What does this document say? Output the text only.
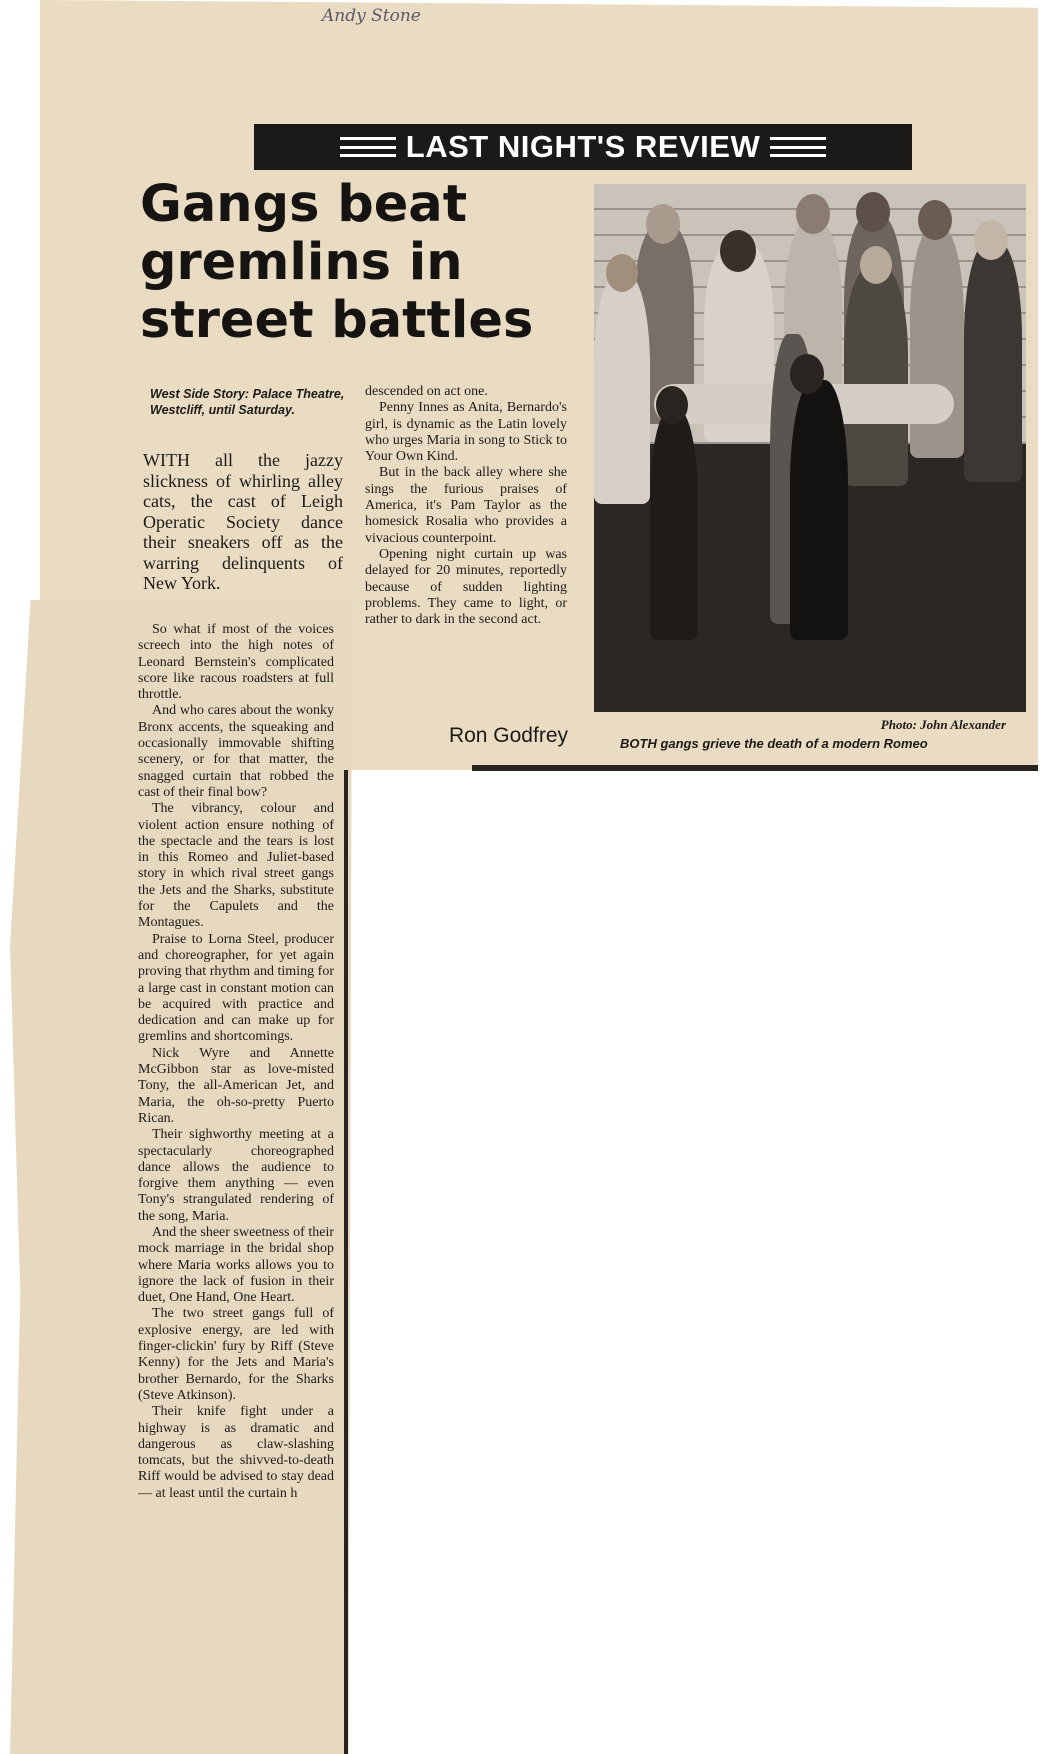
Andy Stone
LAST NIGHT'S REVIEW
Gangs beat gremlins in street battles
West Side Story: Palace Theatre, Westcliff, until Saturday.

WITH all the jazzy slickness of whirling alley cats, the cast of Leigh Operatic Society dance their sneakers off as the warring delinquents of New York.

So what if most of the voices screech into the high notes of Leonard Bernstein's complicated score like racous roadsters at full throttle.

And who cares about the wonky Bronx accents, the squeaking and occasionally immovable shifting scenery, or for that matter, the snagged curtain that robbed the cast of their final bow?

The vibrancy, colour and violent action ensure nothing of the spectacle and the tears is lost in this Romeo and Juliet-based story in which rival street gangs the Jets and the Sharks, substitute for the Capulets and the Montagues.

Praise to Lorna Steel, producer and choreographer, for yet again proving that rhythm and timing for a large cast in constant motion can be acquired with practice and dedication and can make up for gremlins and shortcomings.

Nick Wyre and Annette McGibbon star as love-misted Tony, the all-American Jet, and Maria, the oh-so-pretty Puerto Rican.

Their sighworthy meeting at a spectacularly choreographed dance allows the audience to forgive them anything — even Tony's strangulated rendering of the song, Maria.

And the sheer sweetness of their mock marriage in the bridal shop where Maria works allows you to ignore the lack of fusion in their duet, One Hand, One Heart.

The two street gangs full of explosive energy, are led with finger-clickin' fury by Riff (Steve Kenny) for the Jets and Maria's brother Bernardo, for the Sharks (Steve Atkinson).

Their knife fight under a highway is as dramatic and dangerous as claw-slashing tomcats, but the shivved-to-death Riff would be advised to stay dead — at least until the curtain h

descended on act one.

Penny Innes as Anita, Bernardo's girl, is dynamic as the Latin lovely who urges Maria in song to Stick to Your Own Kind.

But in the back alley where she sings the furious praises of America, it's Pam Taylor as the homesick Rosalia who provides a vivacious counterpoint.

Opening night curtain up was delayed for 20 minutes, reportedly because of sudden lighting problems. They came to light, or rather to dark in the second act.

Ron Godfrey	Photo: John Alexander
BOTH gangs grieve the death of a modern Romeo
